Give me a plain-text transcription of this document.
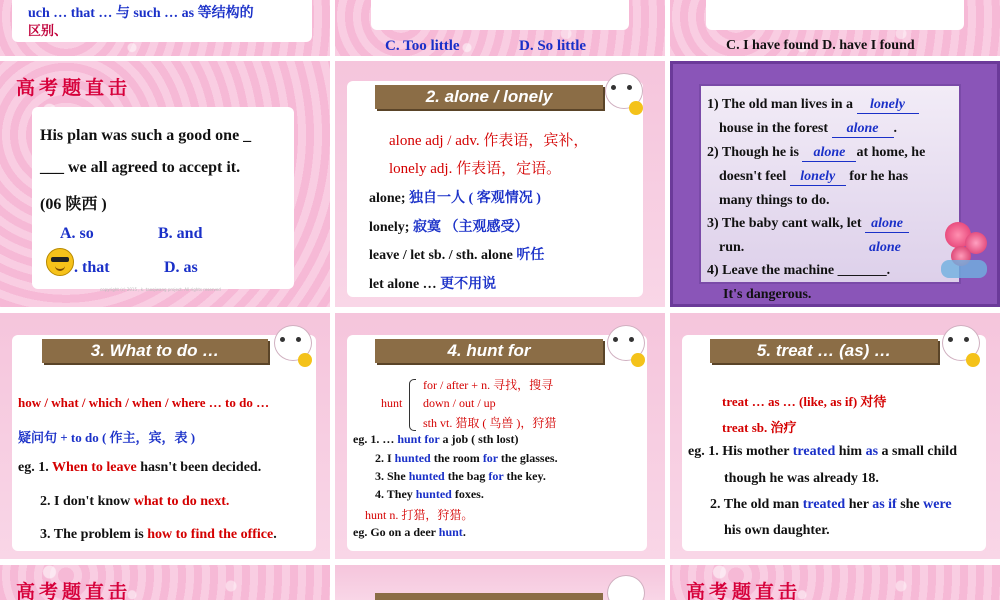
uch … that … 与 such … as 等结构的
区别、
C. Too little	D. So little	C. I have found D. have I found
高考题直击
His plan was such a good one _
___ we all agreed to accept it.
(06 陕西 )
A. so	B. and
. that	D. as
copyright (c) 2015 , k. taoqiwang project. All rights reserved
2. alone / lonely
alone adj / adv. 作表语，宾补，
lonely adj. 作表语，定语。
alone; 独自一人 ( 客观情况 )
lonely; 寂寞 （主观感受）
leave / let sb. / sth. alone 听任
let alone … 更不用说
1) The old man lives in a lonely
house in the forest alone .
2) Though he is alone at home, he
doesn't feel lonely for he has
many things to do.
3) The baby cant walk, let alone
run.	alone
4) Leave the machine _______.
It's dangerous.
3. What to do …
how / what / which / when / where … to do …
疑问句 + to do ( 作主，宾，表 )
eg. 1. When to leave hasn't been decided.
2. I don't know what to do next.
3. The problem is how to find the office.
4. hunt for
hunt
for / after + n. 寻找，搜寻
down / out / up
sth vt. 猎取 ( 鸟兽 )，狩猎
eg. 1. … hunt for a job ( sth lost)
2. I hunted the room for the glasses.
3. She hunted the bag for the key.
4. They hunted foxes.
hunt n. 打猎，狩猎。
eg. Go on a deer hunt.
5. treat … (as) …
treat … as … (like, as if) 对待
treat sb. 治疗
eg. 1. His mother treated him as a small child
though he was already 18.
2. The old man treated her as if she were
his own daughter.
高考题直击	高考题直击
